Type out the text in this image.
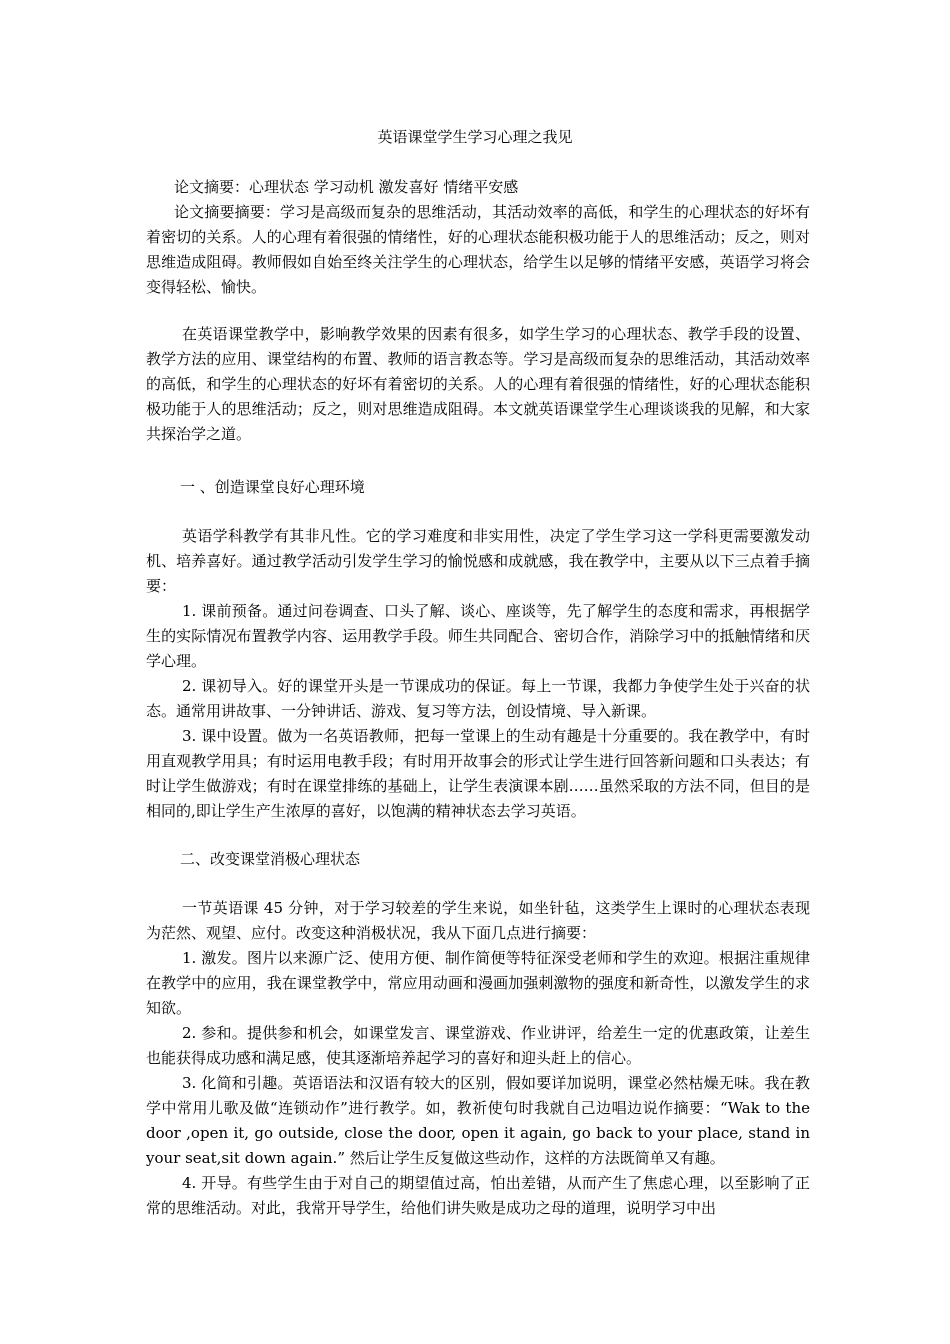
英语课堂学生学习心理之我见

论文摘要：心理状态 学习动机 激发喜好 情绪平安感

论文摘要摘要：学习是高级而复杂的思维活动，其活动效率的高低，和学生的心理状态的好坏有着密切的关系。人的心理有着很强的情绪性，好的心理状态能积极功能于人的思维活动；反之，则对思维造成阻碍。教师假如自始至终关注学生的心理状态，给学生以足够的情绪平安感，英语学习将会变得轻松、愉快。

在英语课堂教学中，影响教学效果的因素有很多，如学生学习的心理状态、教学手段的设置、教学方法的应用、课堂结构的布置、教师的语言教态等。学习是高级而复杂的思维活动，其活动效率的高低，和学生的心理状态的好坏有着密切的关系。人的心理有着很强的情绪性，好的心理状态能积极功能于人的思维活动；反之，则对思维造成阻碍。本文就英语课堂学生心理谈谈我的见解，和大家共探治学之道。

一 、创造课堂良好心理环境

英语学科教学有其非凡性。它的学习难度和非实用性，决定了学生学习这一学科更需要激发动机、培养喜好。通过教学活动引发学生学习的愉悦感和成就感，我在教学中，主要从以下三点着手摘要：

1. 课前预备。通过问卷调查、口头了解、谈心、座谈等，先了解学生的态度和需求，再根据学生的实际情况布置教学内容、运用教学手段。师生共同配合、密切合作，消除学习中的抵触情绪和厌学心理。

2. 课初导入。好的课堂开头是一节课成功的保证。每上一节课，我都力争使学生处于兴奋的状态。通常用讲故事、一分钟讲话、游戏、复习等方法，创设情境、导入新课。

3. 课中设置。做为一名英语教师，把每一堂课上的生动有趣是十分重要的。我在教学中，有时用直观教学用具；有时运用电教手段；有时用开故事会的形式让学生进行回答新问题和口头表达；有时让学生做游戏；有时在课堂排练的基础上，让学生表演课本剧……虽然采取的方法不同，但目的是相同的,即让学生产生浓厚的喜好，以饱满的精神状态去学习英语。

二、改变课堂消极心理状态

一节英语课 45 分钟，对于学习较差的学生来说，如坐针毡，这类学生上课时的心理状态表现为茫然、观望、应付。改变这种消极状况，我从下面几点进行摘要：

1. 激发。图片以来源广泛、使用方便、制作简便等特征深受老师和学生的欢迎。根据注重规律在教学中的应用，我在课堂教学中，常应用动画和漫画加强刺激物的强度和新奇性，以激发学生的求知欲。

2. 参和。提供参和机会，如课堂发言、课堂游戏、作业讲评，给差生一定的优惠政策，让差生也能获得成功感和满足感，使其逐渐培养起学习的喜好和迎头赶上的信心。

3. 化简和引趣。英语语法和汉语有较大的区别，假如要详加说明，课堂必然枯燥无味。我在教学中常用儿歌及做“连锁动作”进行教学。如，教祈使句时我就自己边唱边说作摘要：“Wak to the door ,open it, go outside, close the door, open it again, go back to your place, stand in your seat,sit down again.” 然后让学生反复做这些动作，这样的方法既简单又有趣。

4. 开导。有些学生由于对自己的期望值过高，怕出差错，从而产生了焦虑心理，以至影响了正常的思维活动。对此，我常开导学生，给他们讲失败是成功之母的道理，说明学习中出
